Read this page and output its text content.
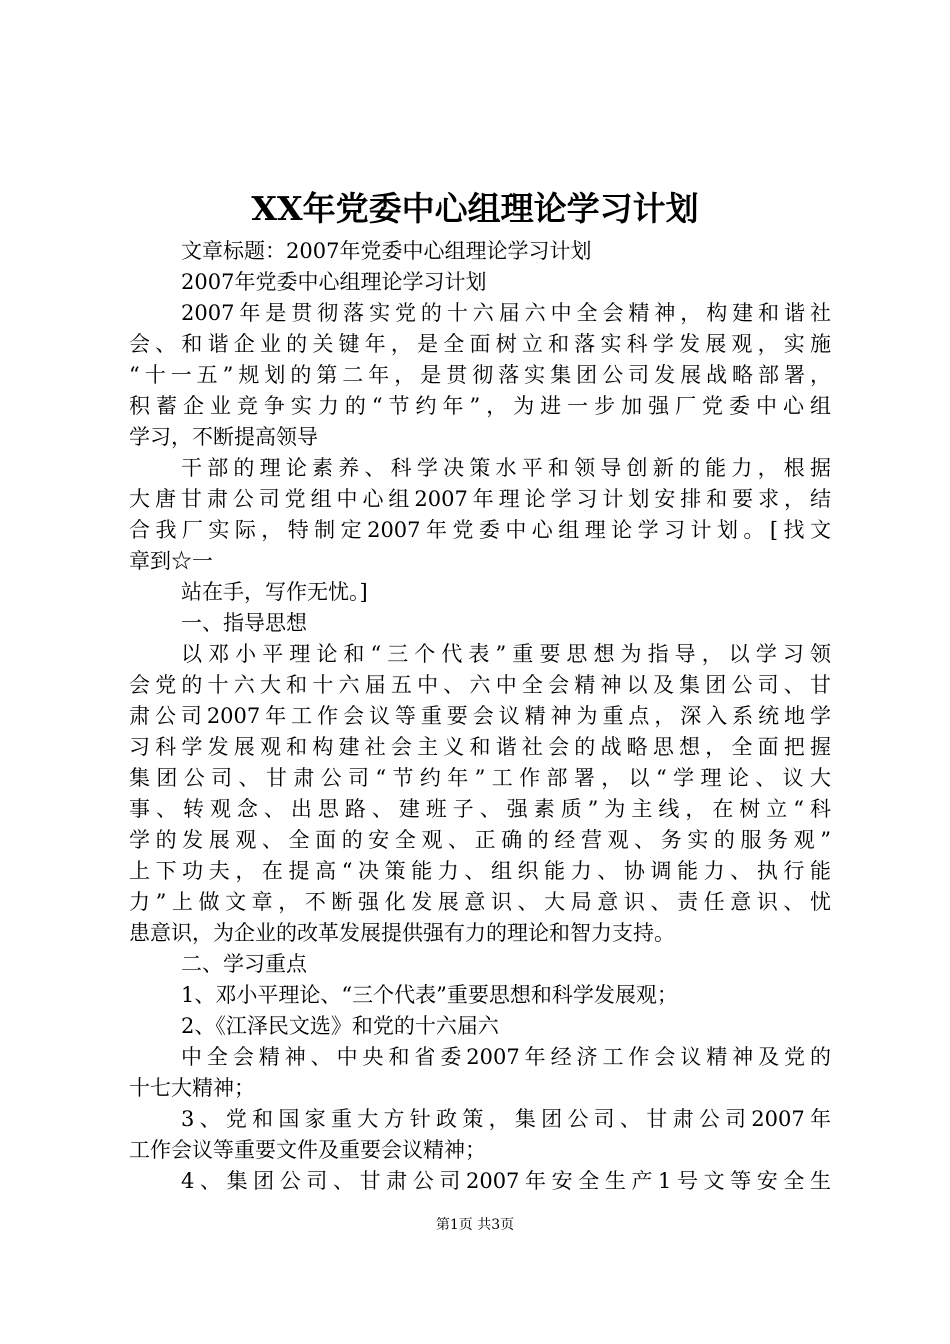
XX年党委中心组理论学习计划
文章标题：2007年党委中心组理论学习计划
2007年党委中心组理论学习计划
2007年是贯彻落实党的十六届六中全会精神，构建和谐社
会、和谐企业的关键年，是全面树立和落实科学发展观，实施
“十一五”规划的第二年，是贯彻落实集团公司发展战略部署，
积蓄企业竞争实力的“节约年”，为进一步加强厂党委中心组
学习，不断提高领导
干部的理论素养、科学决策水平和领导创新的能力，根据
大唐甘肃公司党组中心组2007年理论学习计划安排和要求，结
合我厂实际，特制定2007年党委中心组理论学习计划。[找文
章到☆一
站在手，写作无忧。]
一、指导思想
以邓小平理论和“三个代表”重要思想为指导，以学习领
会党的十六大和十六届五中、六中全会精神以及集团公司、甘
肃公司2007年工作会议等重要会议精神为重点，深入系统地学
习科学发展观和构建社会主义和谐社会的战略思想，全面把握
集团公司、甘肃公司“节约年”工作部署，以“学理论、议大
事、转观念、出思路、建班子、强素质”为主线，在树立“科
学的发展观、全面的安全观、正确的经营观、务实的服务观”
上下功夫，在提高“决策能力、组织能力、协调能力、执行能
力”上做文章，不断强化发展意识、大局意识、责任意识、忧
患意识，为企业的改革发展提供强有力的理论和智力支持。
二、学习重点
1、邓小平理论、“三个代表”重要思想和科学发展观；
2、《江泽民文选》和党的十六届六
中全会精神、中央和省委2007年经济工作会议精神及党的
十七大精神；
3、党和国家重大方针政策，集团公司、甘肃公司2007年
工作会议等重要文件及重要会议精神；
4、集团公司、甘肃公司2007年安全生产1号文等安全生
第1页 共3页
